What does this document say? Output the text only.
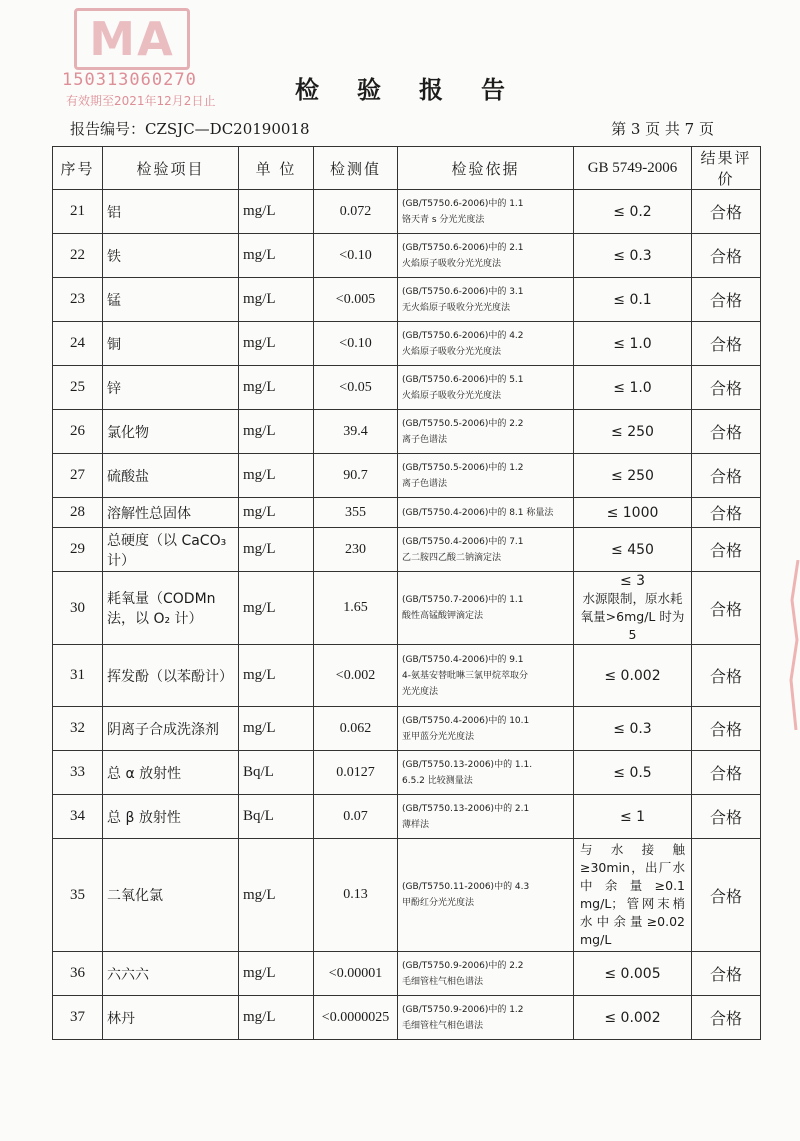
MA
150313060270
有效期至2021年12月2日止	检验报告
报告编号：CZSJC—DC20190018	第 3 页 共 7 页
序号	检验项目	单 位	检测值	检验依据	GB 5749-2006	结果评价
21	铝	mg/L	0.072	(GB/T5750.6-2006)中的 1.1
铬天青 s 分光光度法	≤ 0.2	合格
22	铁	mg/L	<0.10	(GB/T5750.6-2006)中的 2.1
火焰原子吸收分光光度法	≤ 0.3	合格
23	锰	mg/L	<0.005	(GB/T5750.6-2006)中的 3.1
无火焰原子吸收分光光度法	≤ 0.1	合格
24	铜	mg/L	<0.10	(GB/T5750.6-2006)中的 4.2
火焰原子吸收分光光度法	≤ 1.0	合格
25	锌	mg/L	<0.05	(GB/T5750.6-2006)中的 5.1
火焰原子吸收分光光度法	≤ 1.0	合格
26	氯化物	mg/L	39.4	(GB/T5750.5-2006)中的 2.2
离子色谱法	≤ 250	合格
27	硫酸盐	mg/L	90.7	(GB/T5750.5-2006)中的 1.2
离子色谱法	≤ 250	合格
28	溶解性总固体	mg/L	355	(GB/T5750.4-2006)中的 8.1 称量法	≤ 1000	合格
29	总硬度（以 CaCO₃ 计）	mg/L	230	(GB/T5750.4-2006)中的 7.1
乙二胺四乙酸二钠滴定法	≤ 450	合格
30	耗氧量（CODMn 法，以 O₂ 计）	mg/L	1.65	(GB/T5750.7-2006)中的 1.1
酸性高锰酸钾滴定法	≤ 3
水源限制，原水耗
氧量>6mg/L 时为 5	合格
31	挥发酚（以苯酚计）	mg/L	<0.002	(GB/T5750.4-2006)中的 9.1
4-氨基安替吡啉三氯甲烷萃取分
光光度法	≤ 0.002	合格
32	阴离子合成洗涤剂	mg/L	0.062	(GB/T5750.4-2006)中的 10.1
亚甲蓝分光光度法	≤ 0.3	合格
33	总 α 放射性	Bq/L	0.0127	(GB/T5750.13-2006)中的 1.1.
6.5.2 比较测量法	≤ 0.5	合格
34	总 β 放射性	Bq/L	0.07	(GB/T5750.13-2006)中的 2.1
薄样法	≤ 1	合格
35	二氧化氯	mg/L	0.13	(GB/T5750.11-2006)中的 4.3
甲酚红分光光度法	与水接触≥30min，出厂水中余量≥0.1 mg/L；管网末梢水中余量≥0.02 mg/L	合格
36	六六六	mg/L	<0.00001	(GB/T5750.9-2006)中的 2.2
毛细管柱气相色谱法	≤ 0.005	合格
37	林丹	mg/L	<0.0000025	(GB/T5750.9-2006)中的 1.2
毛细管柱气相色谱法	≤ 0.002	合格
